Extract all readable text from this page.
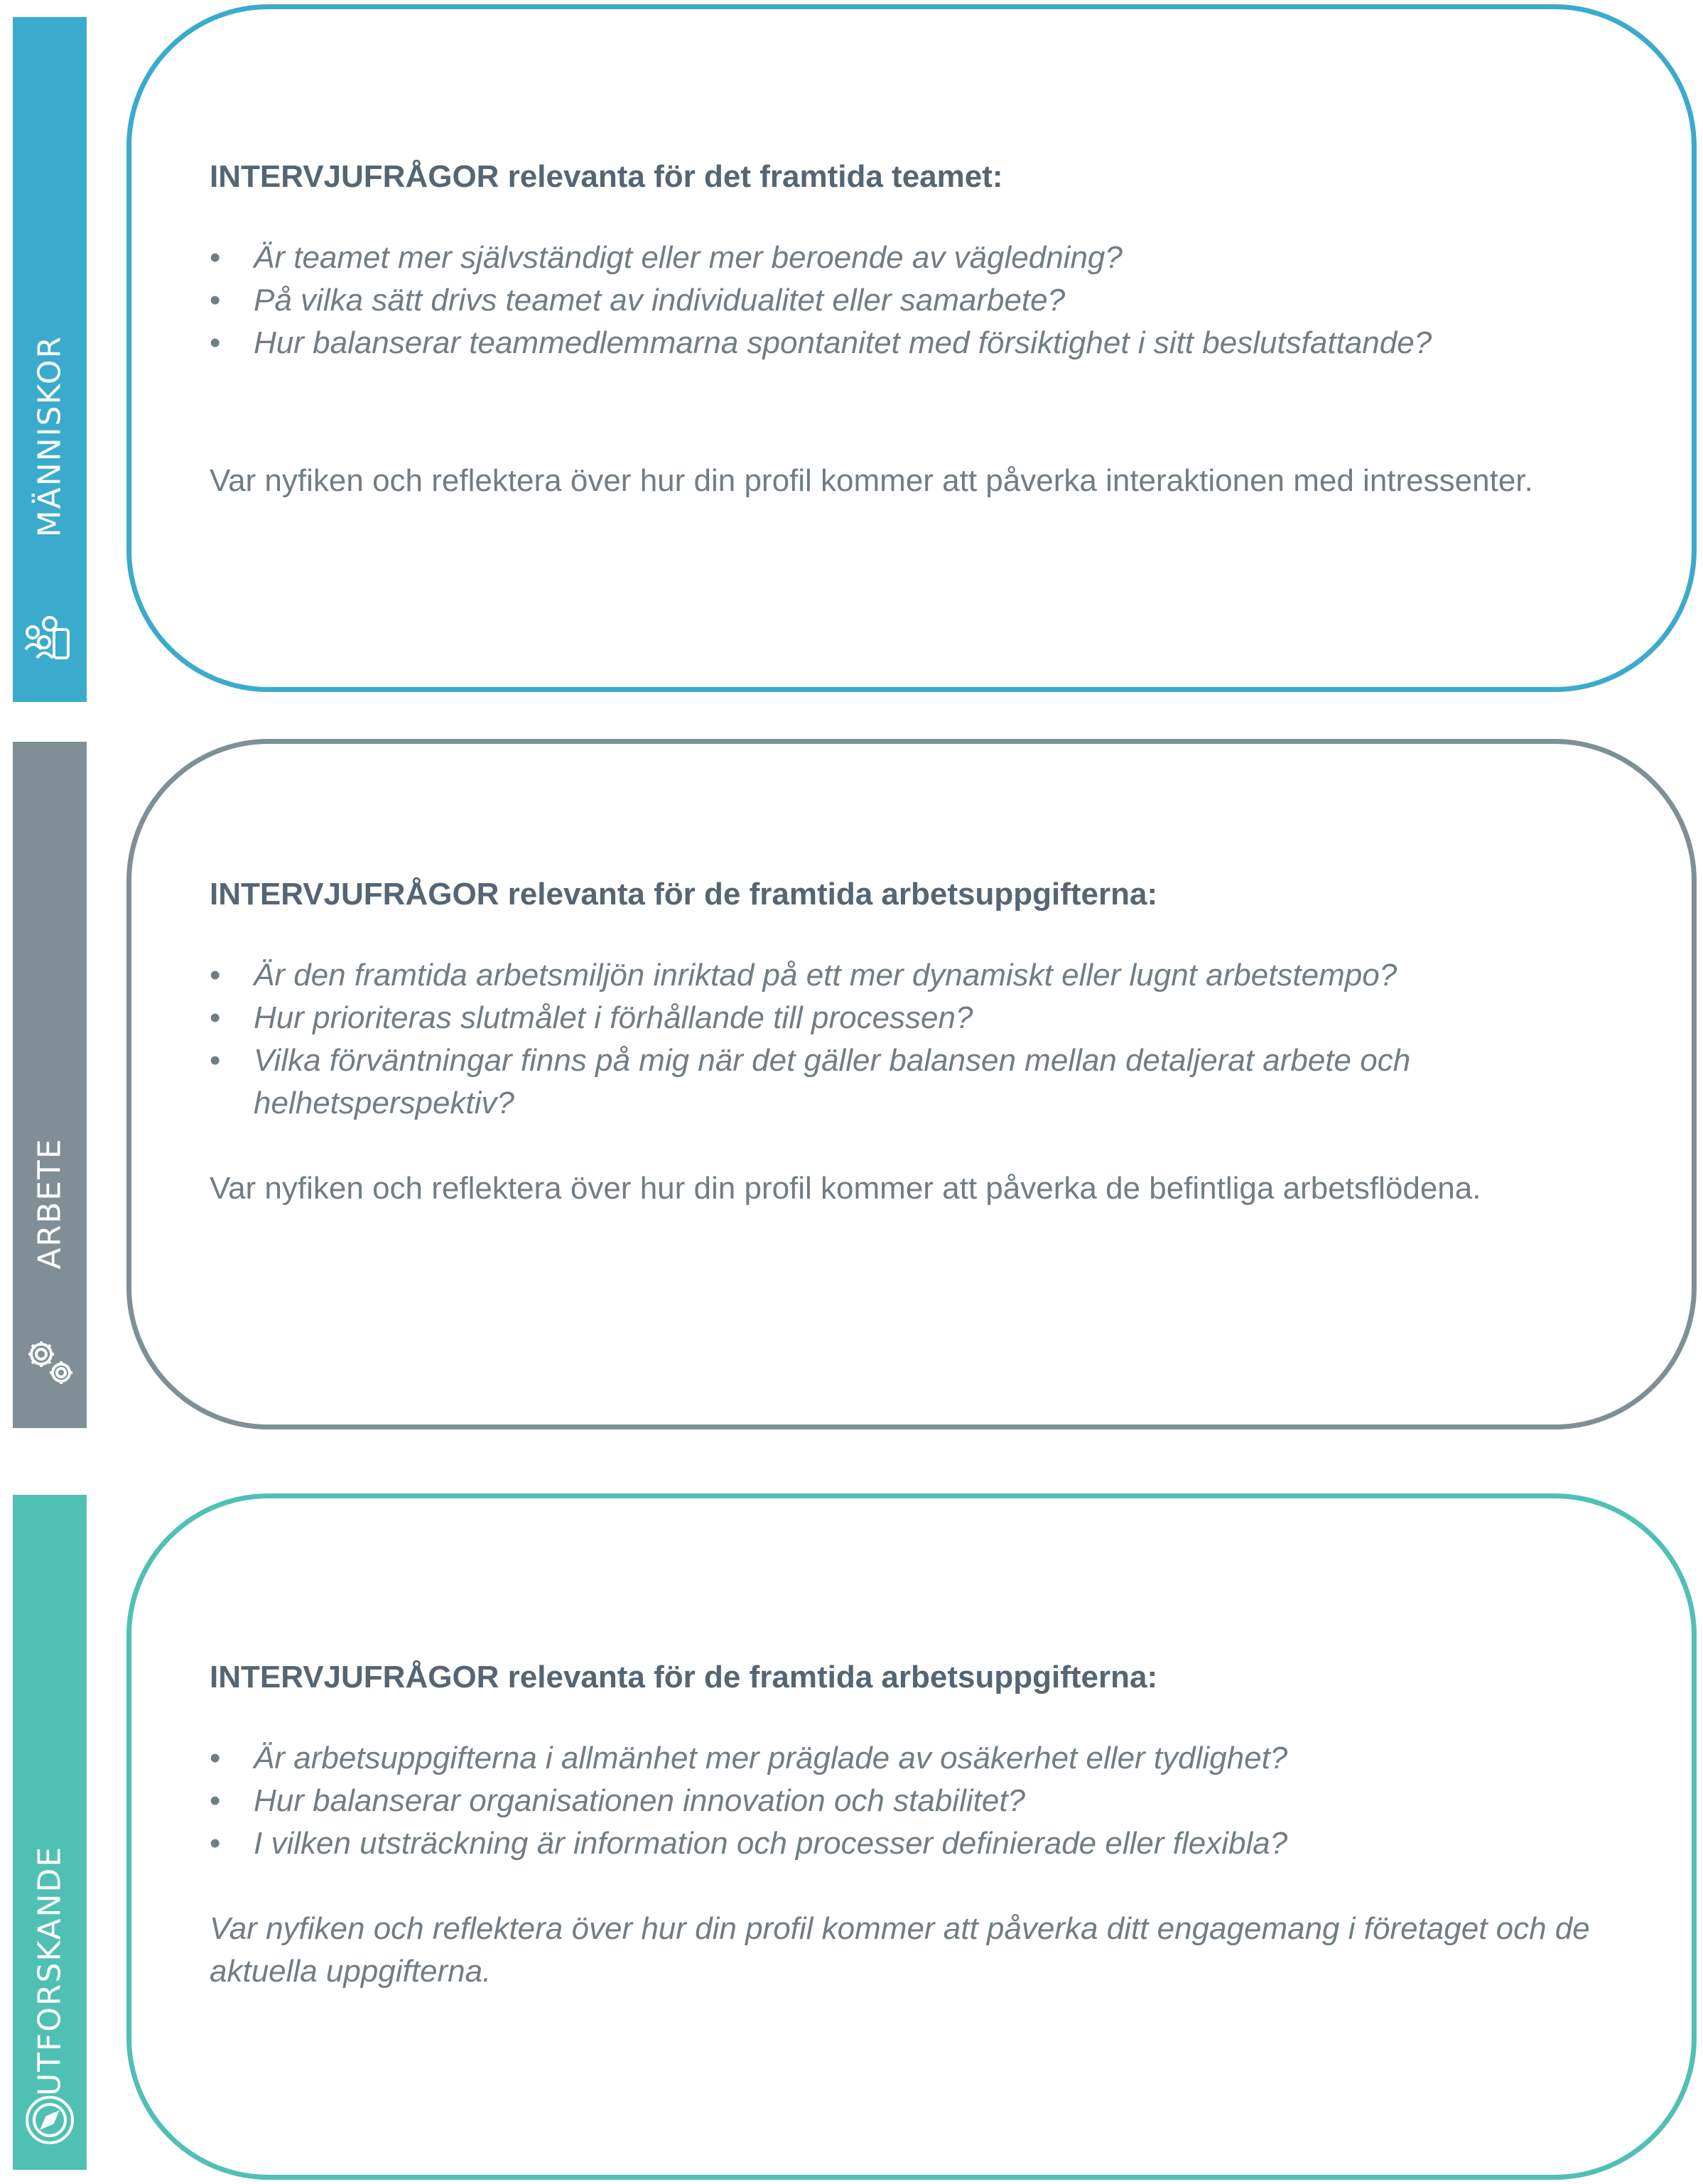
MÄNNISKOR

INTERVJUFRÅGOR relevanta för det framtida teamet:

• Är teamet mer självständigt eller mer beroende av vägledning?
• På vilka sätt drivs teamet av individualitet eller samarbete?
• Hur balanserar teammedlemmarna spontanitet med försiktighet i sitt beslutsfattande?

Var nyfiken och reflektera över hur din profil kommer att påverka interaktionen med intressenter.

ARBETE

INTERVJUFRÅGOR relevanta för de framtida arbetsuppgifterna:

• Är den framtida arbetsmiljön inriktad på ett mer dynamiskt eller lugnt arbetstempo?
• Hur prioriteras slutmålet i förhållande till processen?
• Vilka förväntningar finns på mig när det gäller balansen mellan detaljerat arbete och helhetsperspektiv?

Var nyfiken och reflektera över hur din profil kommer att påverka de befintliga arbetsflödena.

UTFORSKANDE

INTERVJUFRÅGOR relevanta för de framtida arbetsuppgifterna:

• Är arbetsuppgifterna i allmänhet mer präglade av osäkerhet eller tydlighet?
• Hur balanserar organisationen innovation och stabilitet?
• I vilken utsträckning är information och processer definierade eller flexibla?

Var nyfiken och reflektera över hur din profil kommer att påverka ditt engagemang i företaget och de aktuella uppgifterna.
